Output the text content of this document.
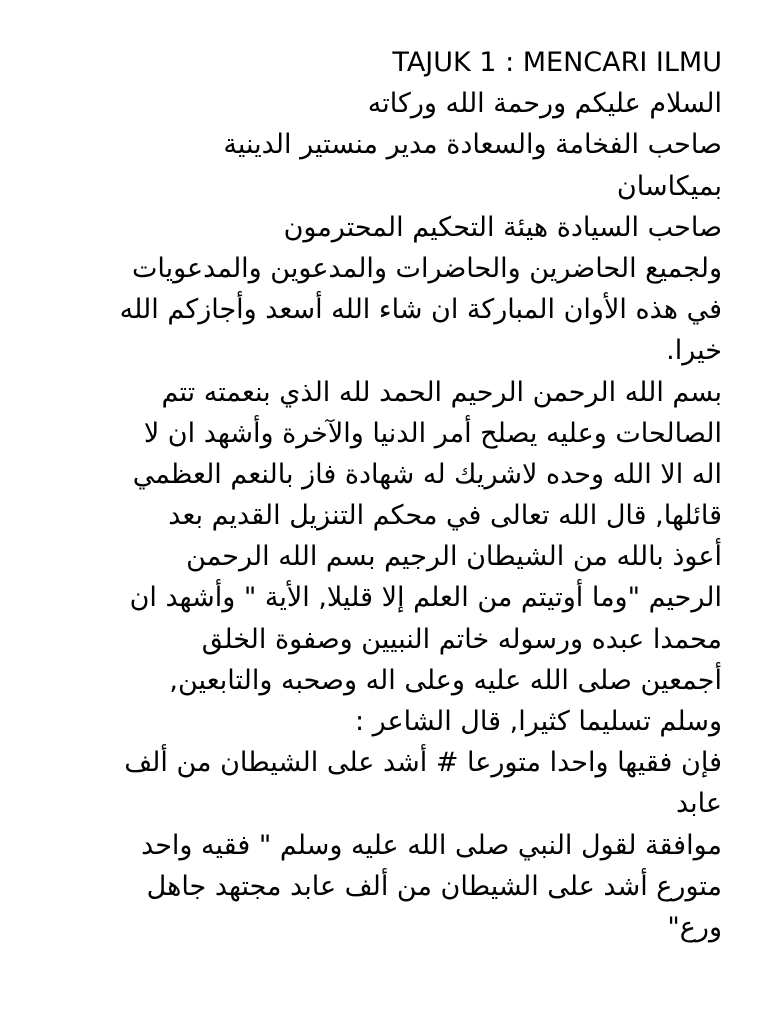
TAJUK 1 : MENCARI ILMU
السلام عليكم ورحمة الله وركاته
صاحب الفخامة والسعادة مدير منستير الدينية
بميكاسان
صاحب السيادة هيئة التحكيم المحترمون
ولجميع الحاضرين والحاضرات والمدعوين والمدعويات
في هذه الأوان المباركة ان شاء الله أسعد وأجازكم الله
خيرا.
بسم الله الرحمن الرحيم الحمد لله الذي بنعمته تتم
الصالحات وعليه يصلح أمر الدنيا والآخرة وأشهد ان لا
اله الا الله وحده لاشريك له شهادة فاز بالنعم العظمي
قائلها, قال الله تعالى في محكم التنزيل القديم بعد
أعوذ بالله من الشيطان الرجيم بسم الله الرحمن
الرحيم "وما أوتيتم من العلم إلا قليلا, الأية " وأشهد ان
محمدا عبده ورسوله خاتم النبيين وصفوة الخلق
أجمعين صلى الله عليه وعلى اله وصحبه والتابعين,
وسلم تسليما كثيرا, قال الشاعر :
فإن فقيها واحدا متورعا # أشد على الشيطان من ألف
عابد
موافقة لقول النبي صلى الله عليه وسلم " فقيه واحد
متورع أشد على الشيطان من ألف عابد مجتهد جاهل
ورع"
